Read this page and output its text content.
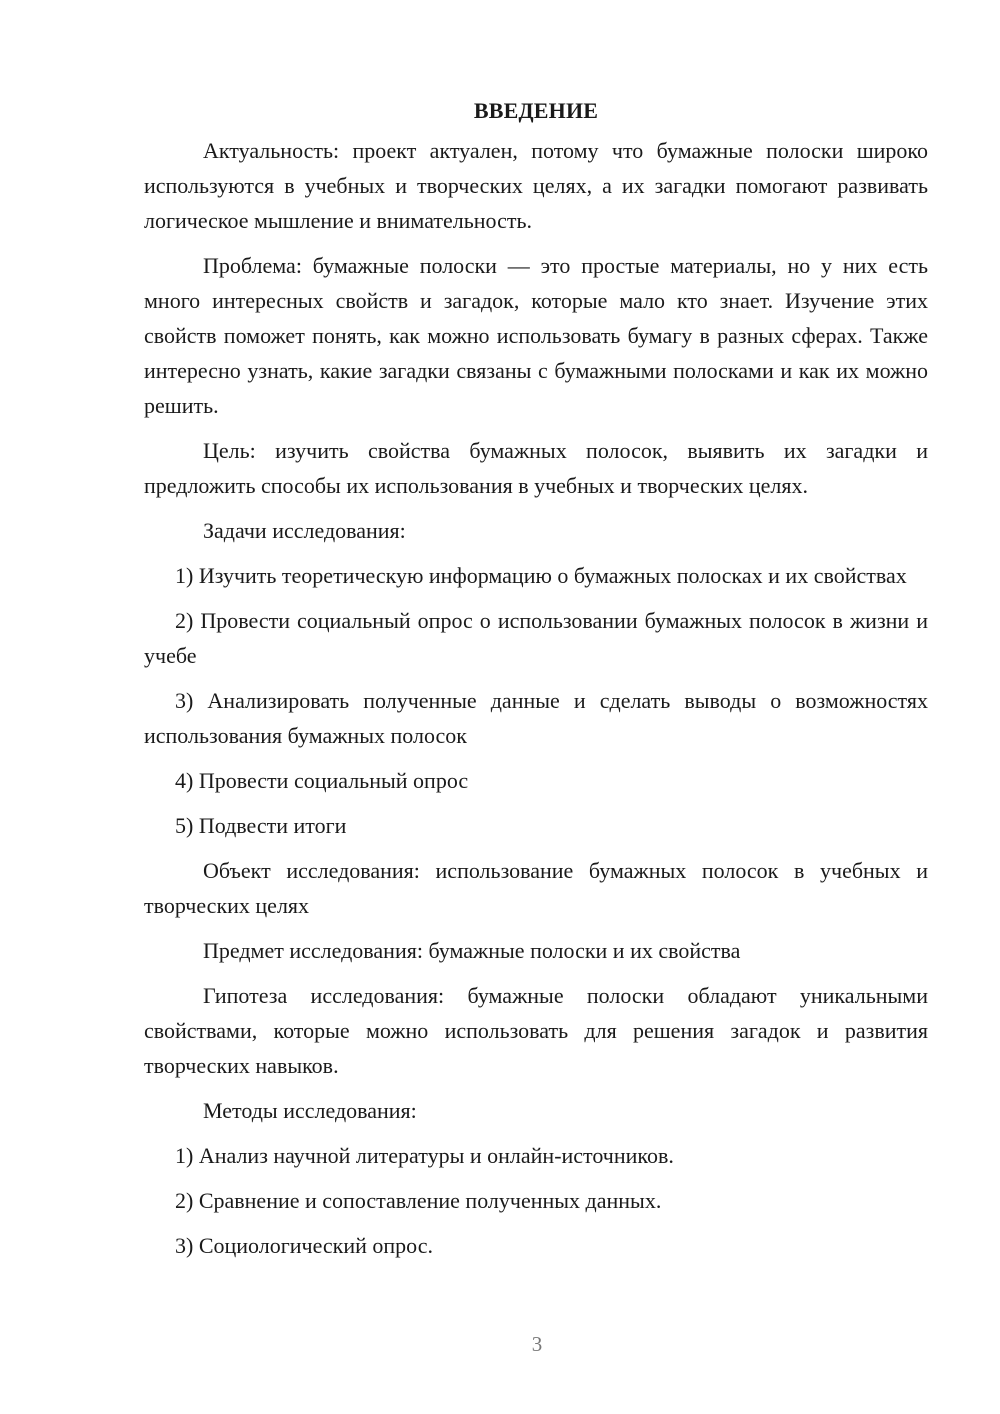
ВВЕДЕНИЕ

Актуальность: проект актуален, потому что бумажные полоски широко используются в учебных и творческих целях, а их загадки помогают развивать логическое мышление и внимательность.

Проблема: бумажные полоски — это простые материалы, но у них есть много интересных свойств и загадок, которые мало кто знает. Изучение этих свойств поможет понять, как можно использовать бумагу в разных сферах. Также интересно узнать, какие загадки связаны с бумажными полосками и как их можно решить.

Цель: изучить свойства бумажных полосок, выявить их загадки и предложить способы их использования в учебных и творческих целях.

Задачи исследования:

1) Изучить теоретическую информацию о бумажных полосках и их свойствах

2) Провести социальный опрос о использовании бумажных полосок в жизни и учебе

3) Анализировать полученные данные и сделать выводы о возможностях использования бумажных полосок

4) Провести социальный опрос

5) Подвести итоги

Объект исследования: использование бумажных полосок в учебных и творческих целях

Предмет исследования: бумажные полоски и их свойства

Гипотеза исследования: бумажные полоски обладают уникальными свойствами, которые можно использовать для решения загадок и развития творческих навыков.

Методы исследования:

1) Анализ научной литературы и онлайн-источников.

2) Сравнение и сопоставление полученных данных.

3) Социологический опрос.

3
